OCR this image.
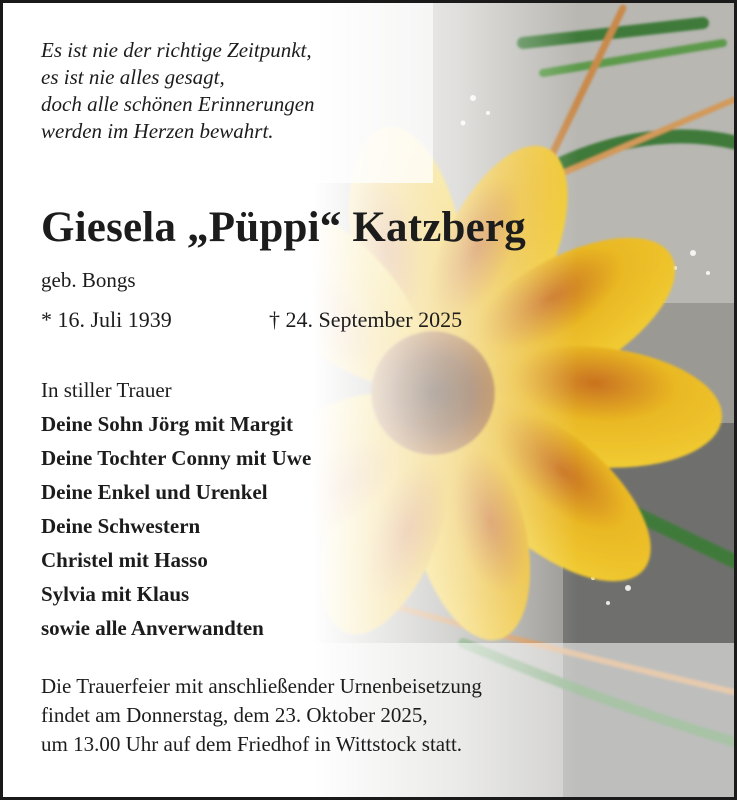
Es ist nie der richtige Zeitpunkt,
es ist nie alles gesagt,
doch alle schönen Erinnerungen
werden im Herzen bewahrt.
Giesela „Püppi“ Katzberg
geb. Bongs
* 16. Juli 1939	† 24. September 2025
In stiller Trauer
Deine Sohn Jörg mit Margit
Deine Tochter Conny mit Uwe
Deine Enkel und Urenkel
Deine Schwestern
Christel mit Hasso
Sylvia mit Klaus
sowie alle Anverwandten
Die Trauerfeier mit anschließender Urnenbeisetzung
findet am Donnerstag, dem 23. Oktober 2025,
um 13.00 Uhr auf dem Friedhof in Wittstock statt.
